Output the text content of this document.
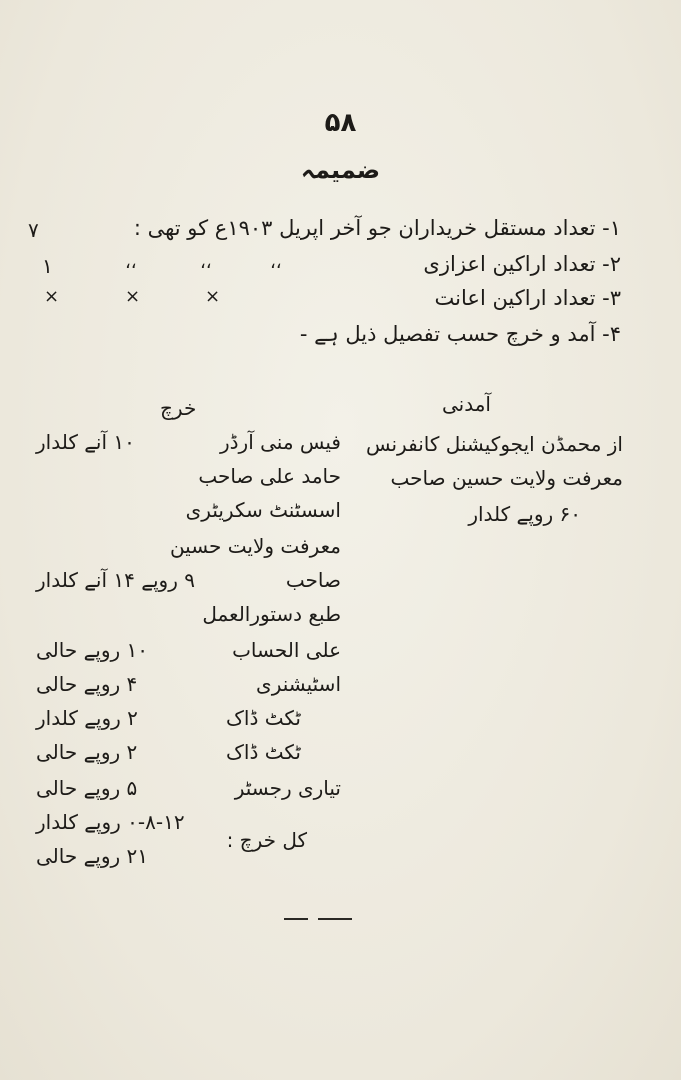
۵۸
ضمیمہ
۱- تعداد مستقل خریداران جو آخر اپریل ۱۹۰۳ع کو تھی :
۷
۲- تعداد اراکین اعزازی
،،
،،
،،
۱
۳- تعداد اراکین اعانت
×
×
×
۴- آمد و خرچ حسب تفصیل ذیل ہے -
آمدنی
از محمڈن ایجوکیشنل کانفرنس
معرفت ولایت حسین صاحب
۶۰ روپے کلدار
خرچ
فیس منی آرڈر
۱۰ آنے کلدار
حامد علی صاحب
اسسٹنٹ سکریٹری
معرفت ولایت حسین
صاحب
۹ روپے ۱۴ آنے کلدار
طبع دستورالعمل
علی الحساب
۱۰ روپے حالی
اسٹیشنری
۴ روپے حالی
ٹکٹ ڈاک
۲ روپے کلدار
ٹکٹ ڈاک
۲ روپے حالی
تیاری رجسٹر
۵ روپے حالی
کل خرچ :
۰-۸-۱۲ روپے کلدار
۲۱ روپے حالی
